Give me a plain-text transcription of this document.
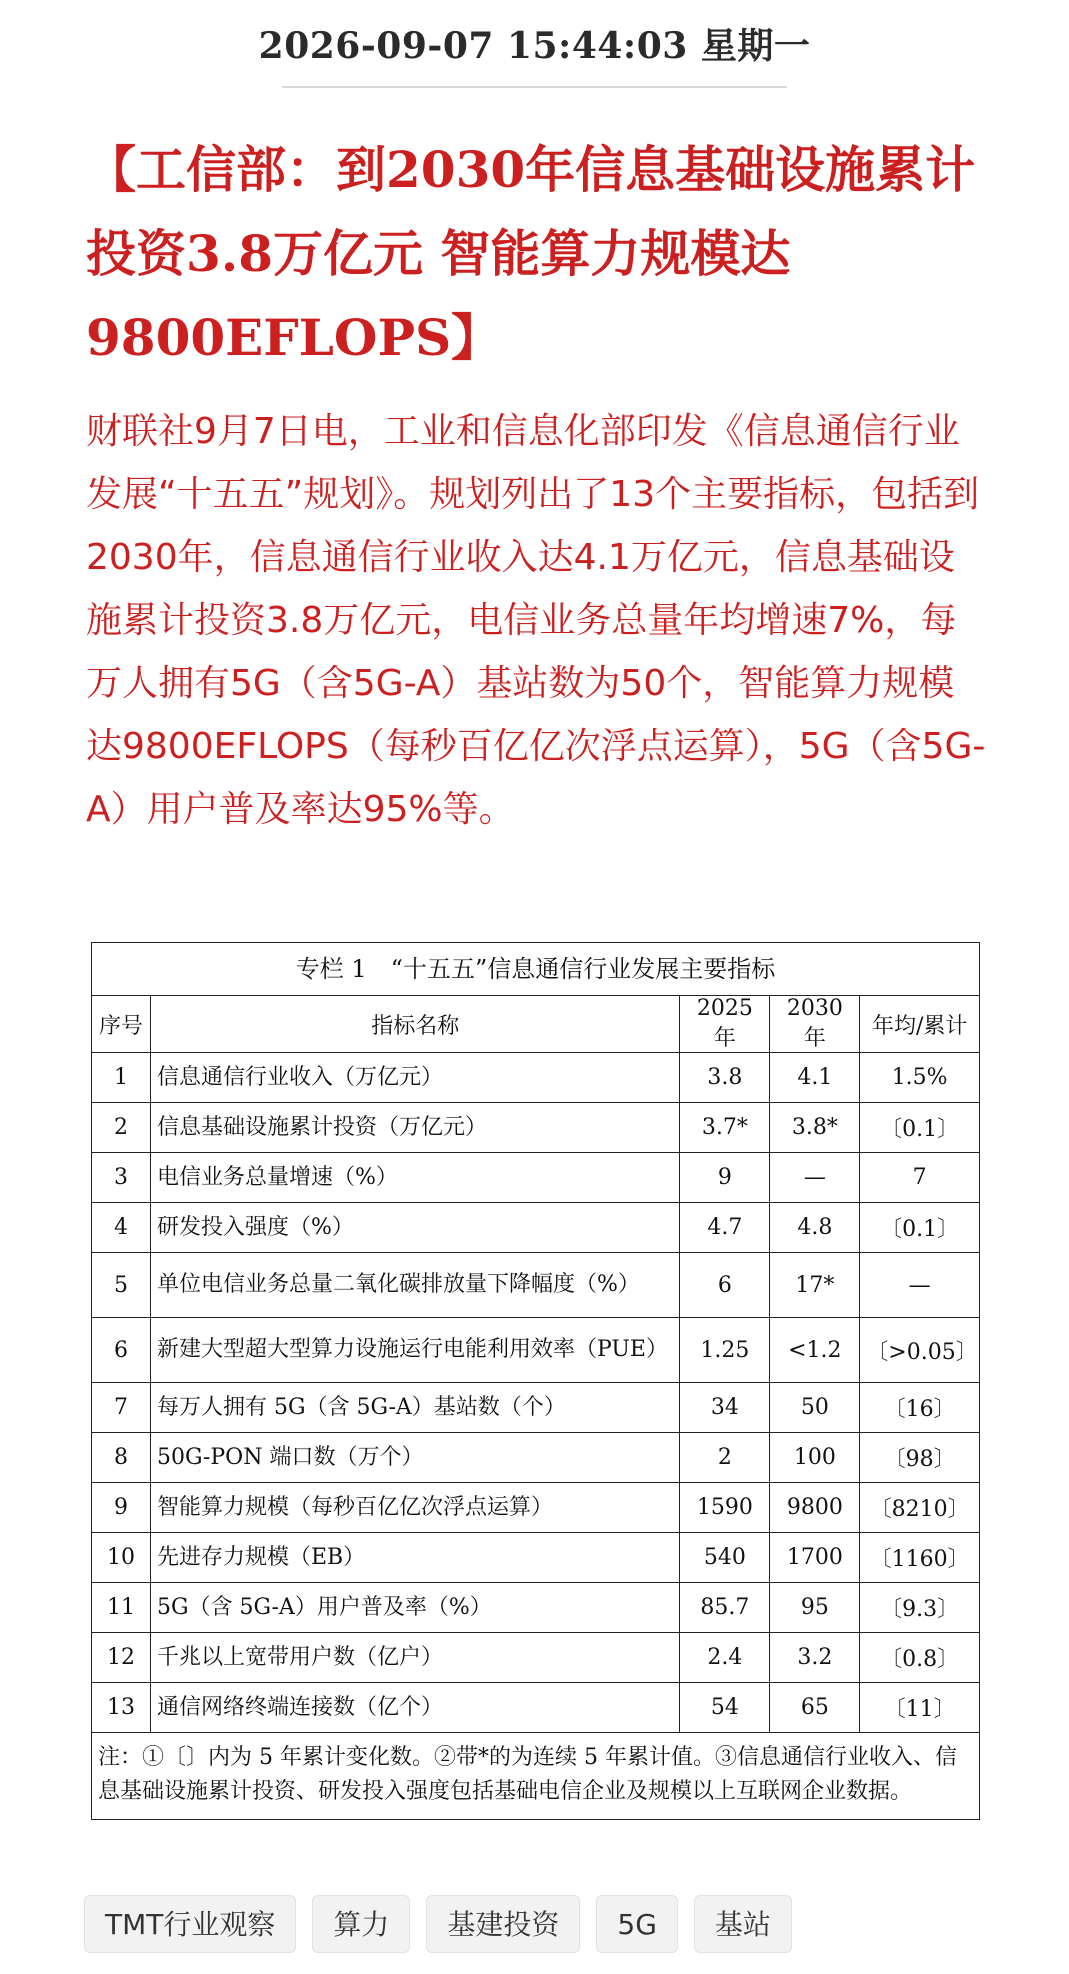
2026-09-07 15:44:03 星期一
【工信部：到2030年信息基础设施累计投资3.8万亿元 智能算力规模达9800EFLOPS】

财联社9月7日电，工业和信息化部印发《信息通信行业发展“十五五”规划》。规划列出了13个主要指标，包括到2030年，信息通信行业收入达4.1万亿元，信息基础设施累计投资3.8万亿元，电信业务总量年均增速7%，每万人拥有5G（含5G-A）基站数为50个，智能算力规模达9800EFLOPS（每秒百亿亿次浮点运算），5G（含5G-A）用户普及率达95%等。

专栏 1　“十五五”信息通信行业发展主要指标
序号	指标名称	2025 年	2030 年	年均/累计
1	信息通信行业收入（万亿元）	3.8	4.1	1.5%
2	信息基础设施累计投资（万亿元）	3.7*	3.8*	〔0.1〕
3	电信业务总量增速（%）	9	—	7
4	研发投入强度（%）	4.7	4.8	〔0.1〕
5	单位电信业务总量二氧化碳排放量下降幅度（%）	6	17*	—
6	新建大型超大型算力设施运行电能利用效率（PUE）	1.25	<1.2	〔>0.05〕
7	每万人拥有 5G（含 5G-A）基站数（个）	34	50	〔16〕
8	50G-PON 端口数（万个）	2	100	〔98〕
9	智能算力规模（每秒百亿亿次浮点运算）	1590	9800	〔8210〕
10	先进存力规模（EB）	540	1700	〔1160〕
11	5G（含 5G-A）用户普及率（%）	85.7	95	〔9.3〕
12	千兆以上宽带用户数（亿户）	2.4	3.2	〔0.8〕
13	通信网络终端连接数（亿个）	54	65	〔11〕
注：①〔〕内为 5 年累计变化数。②带*的为连续 5 年累计值。③信息通信行业收入、信息基础设施累计投资、研发投入强度包括基础电信企业及规模以上互联网企业数据。
TMT行业观察	算力	基建投资	5G	基站
